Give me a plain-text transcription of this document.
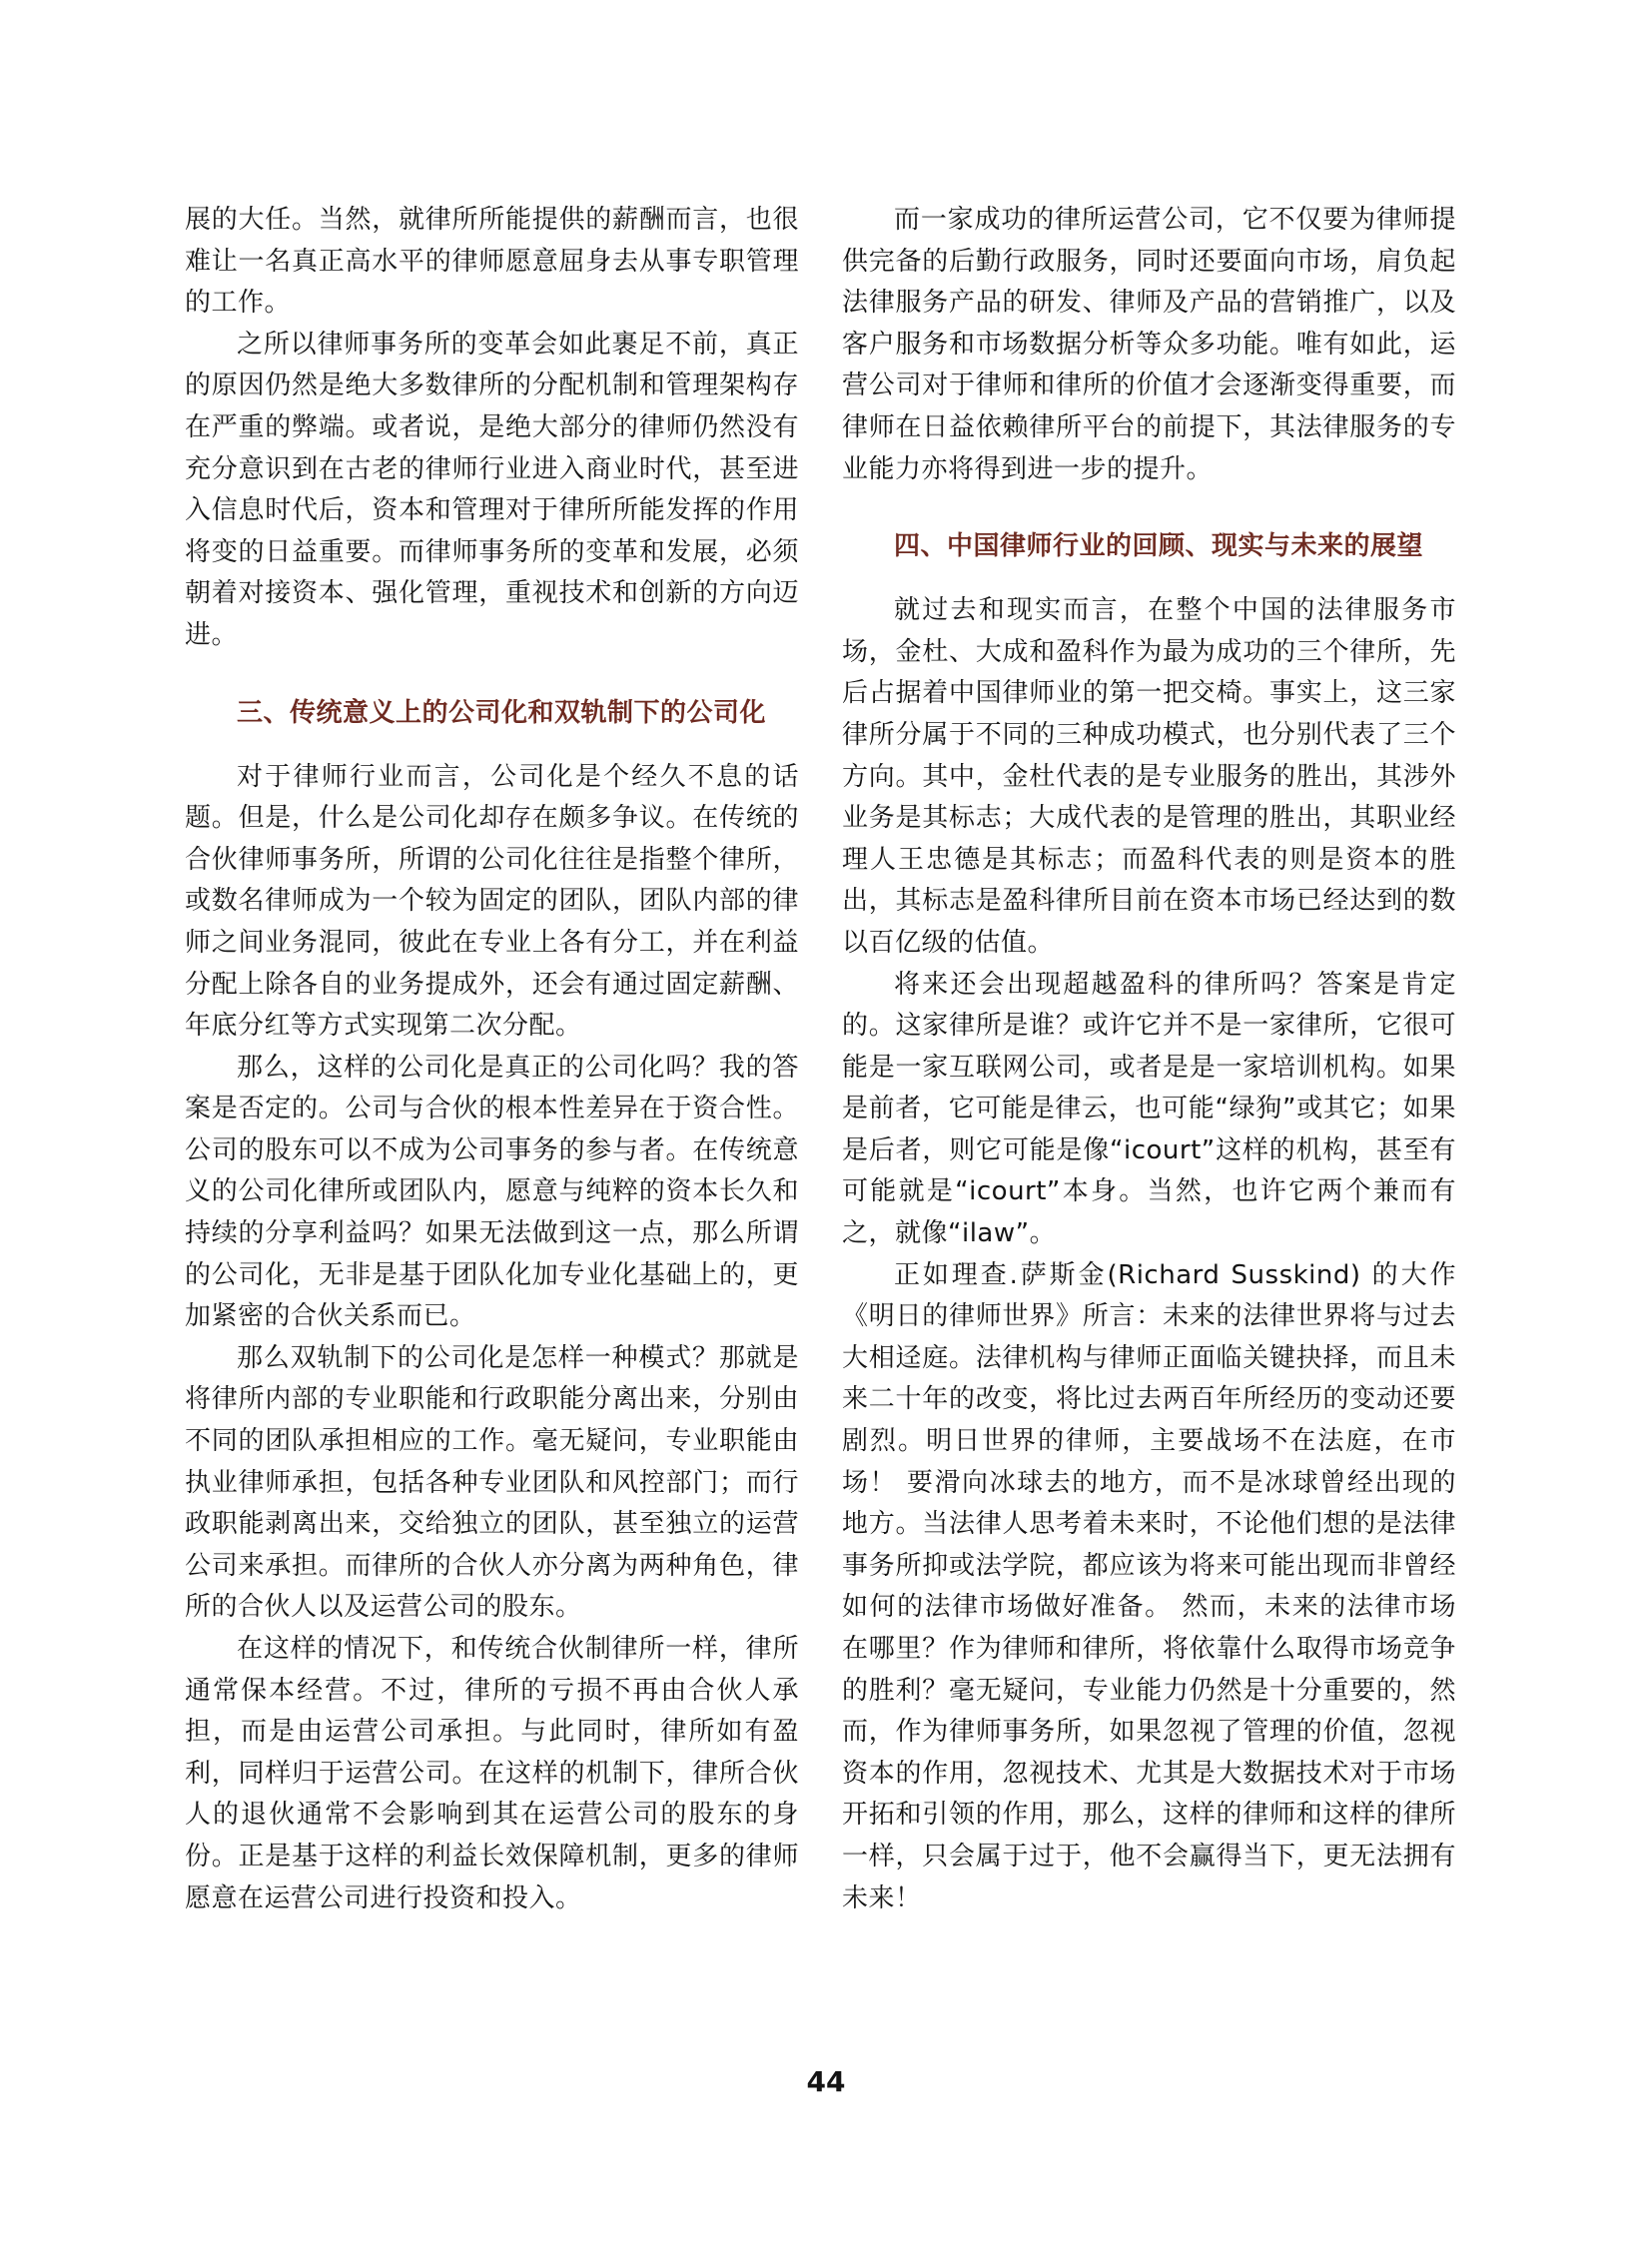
展的大任。当然，就律所所能提供的薪酬而言，也很难让一名真正高水平的律师愿意屈身去从事专职管理的工作。

之所以律师事务所的变革会如此裹足不前，真正的原因仍然是绝大多数律所的分配机制和管理架构存在严重的弊端。或者说，是绝大部分的律师仍然没有充分意识到在古老的律师行业进入商业时代，甚至进入信息时代后，资本和管理对于律所所能发挥的作用将变的日益重要。而律师事务所的变革和发展，必须朝着对接资本、强化管理，重视技术和创新的方向迈进。

三、传统意义上的公司化和双轨制下的公司化

对于律师行业而言，公司化是个经久不息的话题。但是，什么是公司化却存在颇多争议。在传统的合伙律师事务所，所谓的公司化往往是指整个律所，或数名律师成为一个较为固定的团队，团队内部的律师之间业务混同，彼此在专业上各有分工，并在利益分配上除各自的业务提成外，还会有通过固定薪酬、年底分红等方式实现第二次分配。

那么，这样的公司化是真正的公司化吗？我的答案是否定的。公司与合伙的根本性差异在于资合性。公司的股东可以不成为公司事务的参与者。在传统意义的公司化律所或团队内，愿意与纯粹的资本长久和持续的分享利益吗？如果无法做到这一点，那么所谓的公司化，无非是基于团队化加专业化基础上的，更加紧密的合伙关系而已。

那么双轨制下的公司化是怎样一种模式？那就是将律所内部的专业职能和行政职能分离出来，分别由不同的团队承担相应的工作。毫无疑问，专业职能由执业律师承担，包括各种专业团队和风控部门；而行政职能剥离出来，交给独立的团队，甚至独立的运营公司来承担。而律所的合伙人亦分离为两种角色，律所的合伙人以及运营公司的股东。

在这样的情况下，和传统合伙制律所一样，律所通常保本经营。不过，律所的亏损不再由合伙人承担，而是由运营公司承担。与此同时，律所如有盈利，同样归于运营公司。在这样的机制下，律所合伙人的退伙通常不会影响到其在运营公司的股东的身份。正是基于这样的利益长效保障机制，更多的律师愿意在运营公司进行投资和投入。

而一家成功的律所运营公司，它不仅要为律师提供完备的后勤行政服务，同时还要面向市场，肩负起法律服务产品的研发、律师及产品的营销推广，以及客户服务和市场数据分析等众多功能。唯有如此，运营公司对于律师和律所的价值才会逐渐变得重要，而律师在日益依赖律所平台的前提下，其法律服务的专业能力亦将得到进一步的提升。

四、中国律师行业的回顾、现实与未来的展望

就过去和现实而言，在整个中国的法律服务市场，金杜、大成和盈科作为最为成功的三个律所，先后占据着中国律师业的第一把交椅。事实上，这三家律所分属于不同的三种成功模式，也分别代表了三个方向。其中，金杜代表的是专业服务的胜出，其涉外业务是其标志；大成代表的是管理的胜出，其职业经理人王忠德是其标志；而盈科代表的则是资本的胜出，其标志是盈科律所目前在资本市场已经达到的数以百亿级的估值。

将来还会出现超越盈科的律所吗？答案是肯定的。这家律所是谁？或许它并不是一家律所，它很可能是一家互联网公司，或者是是一家培训机构。如果是前者，它可能是律云，也可能“绿狗”或其它；如果是后者，则它可能是像“icourt”这样的机构，甚至有可能就是“icourt”本身。当然，也许它两个兼而有之，就像“ilaw”。

正如理查.萨斯金(Richard Susskind) 的大作《明日的律师世界》所言：未来的法律世界将与过去大相迳庭。法律机构与律师正面临关键抉择，而且未来二十年的改变，将比过去两百年所经历的变动还要剧烈。明日世界的律师，主要战场不在法庭，在市场！ 要滑向冰球去的地方，而不是冰球曾经出现的地方。当法律人思考着未来时，不论他们想的是法律事务所抑或法学院，都应该为将来可能出现而非曾经如何的法律市场做好准备。 然而，未来的法律市场在哪里？作为律师和律所，将依靠什么取得市场竞争的胜利？毫无疑问，专业能力仍然是十分重要的，然而，作为律师事务所，如果忽视了管理的价值，忽视资本的作用，忽视技术、尤其是大数据技术对于市场开拓和引领的作用，那么，这样的律师和这样的律所一样，只会属于过于，他不会赢得当下，更无法拥有未来！

44
